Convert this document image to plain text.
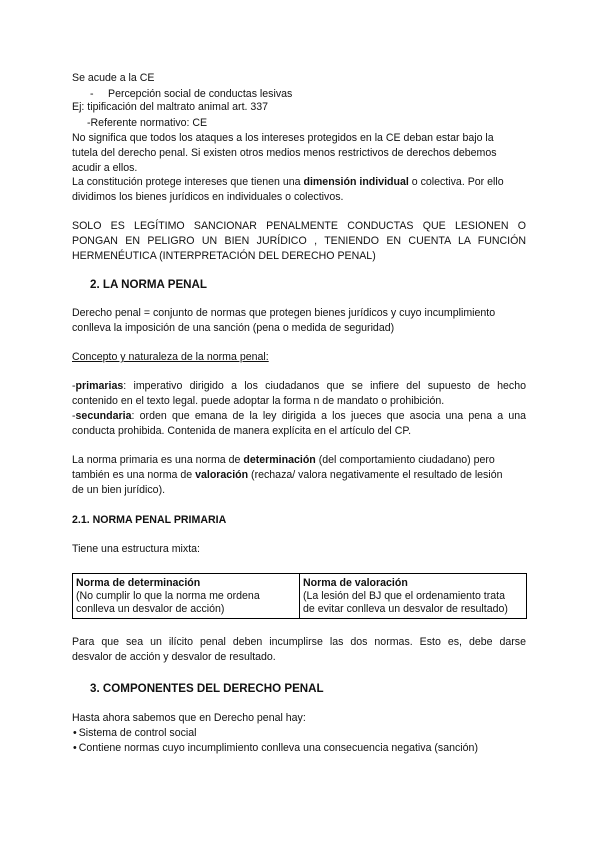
Se acude a la CE

- Percepción social de conductas lesivas

Ej: tipificación del maltrato animal art. 337

-Referente normativo: CE

No significa que todos los ataques a los intereses protegidos en la CE deban estar bajo la

tutela del derecho penal. Si existen otros medios menos restrictivos de derechos debemos

acudir a ellos.

La constitución protege intereses que tienen una dimensión individual o colectiva. Por ello

dividimos los bienes jurídicos en individuales o colectivos.

SOLO ES LEGÍTIMO SANCIONAR PENALMENTE CONDUCTAS QUE LESIONEN O

PONGAN EN PELIGRO UN BIEN JURÍDICO , TENIENDO EN CUENTA LA FUNCIÓN

HERMENÉUTICA (INTERPRETACIÓN DEL DERECHO PENAL)

2. LA NORMA PENAL

Derecho penal = conjunto de normas que protegen bienes jurídicos y cuyo incumplimiento

conlleva la imposición de una sanción (pena o medida de seguridad)

Concepto y naturaleza de la norma penal:

-primarias: imperativo dirigido a los ciudadanos que se infiere del supuesto de hecho

contenido en el texto legal. puede adoptar la forma n de mandato o prohibición.

-secundaria: orden que emana de la ley dirigida a los jueces que asocia una pena a una

conducta prohibida. Contenida de manera explícita en el artículo del CP.

La norma primaria es una norma de determinación (del comportamiento ciudadano) pero

también es una norma de valoración (rechaza/ valora negativamente el resultado de lesión

de un bien jurídico).

2.1. NORMA PENAL PRIMARIA

Tiene una estructura mixta:

Norma de determinación
(No cumplir lo que la norma me ordena
conlleva un desvalor de acción)

Norma de valoración
(La lesión del BJ que el ordenamiento trata
de evitar conlleva un desvalor de resultado)

Para que sea un ilícito penal deben incumplirse las dos normas. Esto es, debe darse

desvalor de acción y desvalor de resultado.

3. COMPONENTES DEL DERECHO PENAL

Hasta ahora sabemos que en Derecho penal hay:

• Sistema de control social

• Contiene normas cuyo incumplimiento conlleva una consecuencia negativa (sanción)
